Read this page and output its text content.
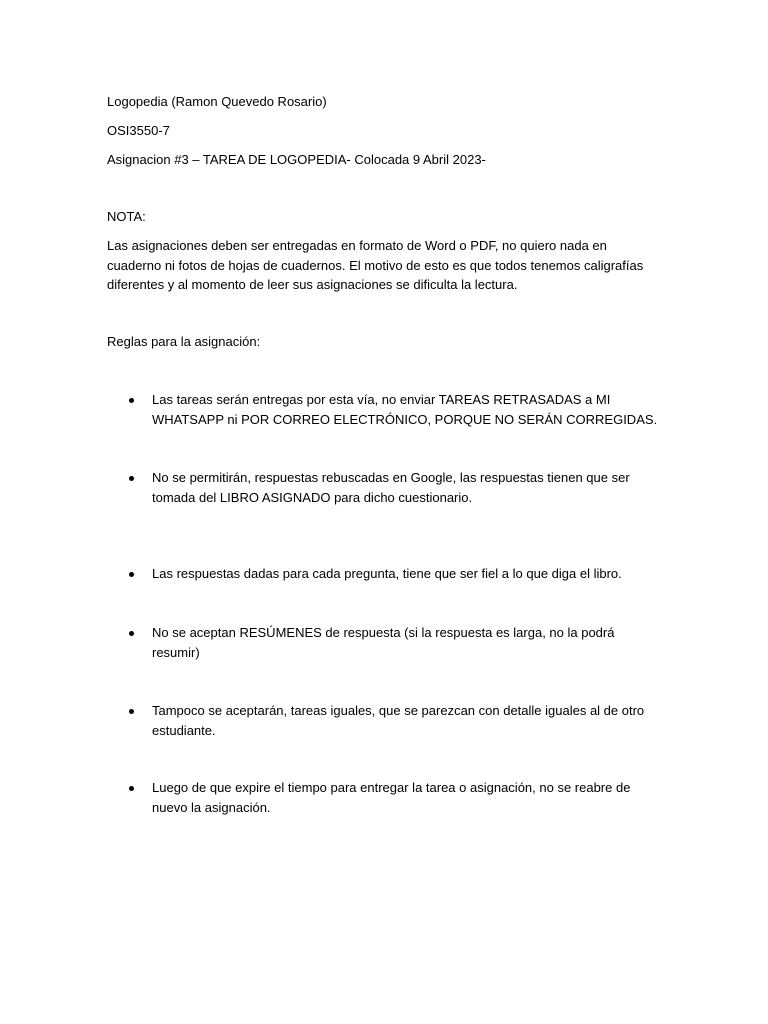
Logopedia (Ramon Quevedo Rosario)
OSI3550-7
Asignacion #3 – TAREA DE LOGOPEDIA- Colocada 9 Abril 2023-
NOTA:
Las asignaciones deben ser entregadas en formato de Word o PDF, no quiero nada en cuaderno ni fotos de hojas de cuadernos. El motivo de esto es que todos tenemos caligrafías diferentes y al momento de leer sus asignaciones se dificulta la lectura.
Reglas para la asignación:
Las tareas serán entregas por esta vía, no enviar TAREAS RETRASADAS a MI WHATSAPP ni POR CORREO ELECTRÓNICO, PORQUE NO SERÁN CORREGIDAS.
No se permitirán, respuestas rebuscadas en Google, las respuestas tienen que ser tomada del LIBRO ASIGNADO para dicho cuestionario.
Las respuestas dadas para cada pregunta, tiene que ser fiel a lo que diga el libro.
No se aceptan RESÚMENES de respuesta (si la respuesta es larga, no la podrá resumir)
Tampoco se aceptarán, tareas iguales, que se parezcan con detalle iguales al de otro estudiante.
Luego de que expire el tiempo para entregar la tarea o asignación, no se reabre de nuevo la asignación.
